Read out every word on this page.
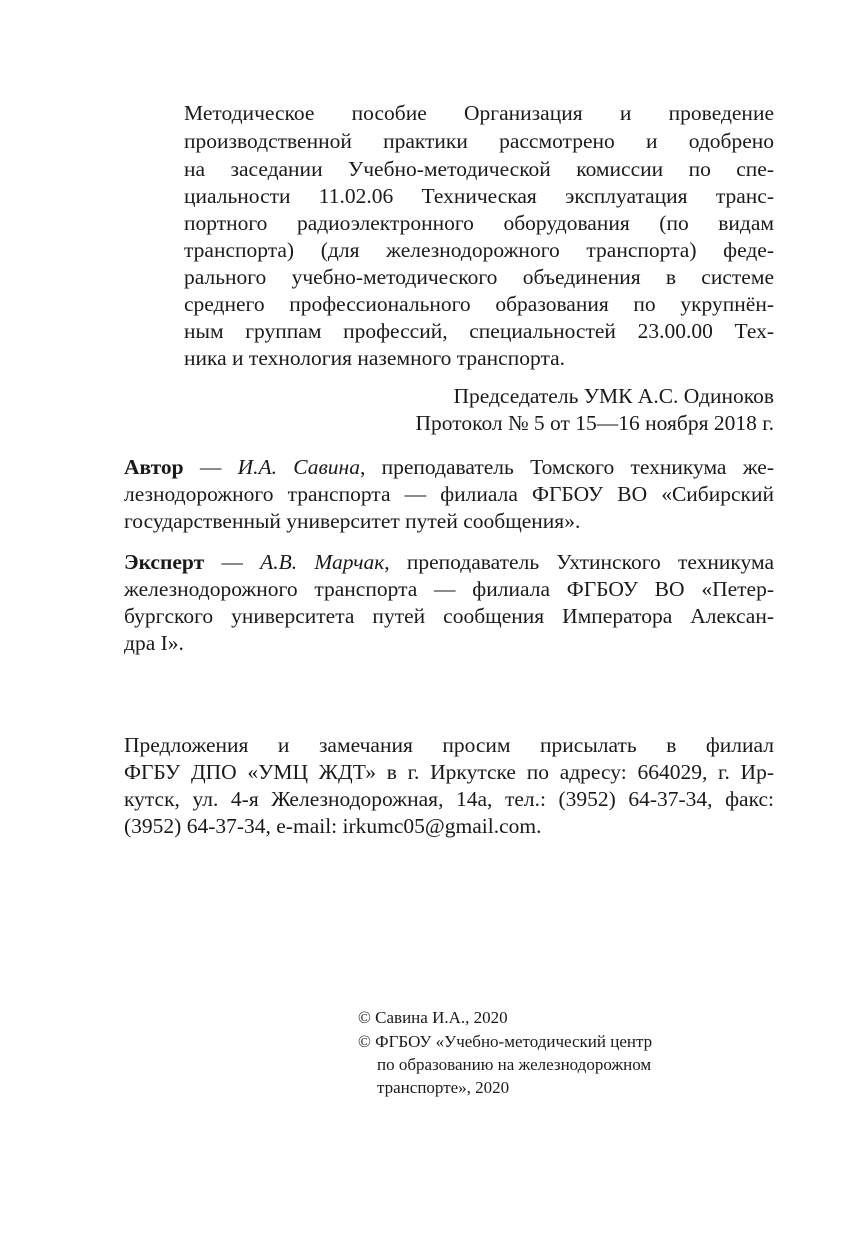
Методическое пособие Организация и проведение
производственной практики рассмотрено и одобрено
на заседании Учебно-методической комиссии по спе-
циальности 11.02.06 Техническая эксплуатация транс-
портного радиоэлектронного оборудования (по видам
транспорта) (для железнодорожного транспорта) феде-
рального учебно-методического объединения в системе
среднего профессионального образования по укрупнён-
ным группам профессий, специальностей 23.00.00 Тех-
ника и технология наземного транспорта.
Председатель УМК А.С. Одиноков
Протокол № 5 от 15—16 ноября 2018 г.
Автор — И.А. Савина, преподаватель Томского техникума же-
лезнодорожного транспорта — филиала ФГБОУ ВО «Сибирский
государственный университет путей сообщения».
Эксперт — А.В. Марчак, преподаватель Ухтинского техникума
железнодорожного транспорта — филиала ФГБОУ ВО «Петер-
бургского университета путей сообщения Императора Алексан-
дра I».
Предложения и замечания просим присылать в филиал
ФГБУ ДПО «УМЦ ЖДТ» в г. Иркутске по адресу: 664029, г. Ир-
кутск, ул. 4-я Железнодорожная, 14а, тел.: (3952) 64-37-34, факс:
(3952) 64-37-34, e-mail: irkumc05@gmail.com.
© Савина И.А., 2020
© ФГБОУ «Учебно-методический центр
по образованию на железнодорожном
транспорте», 2020
